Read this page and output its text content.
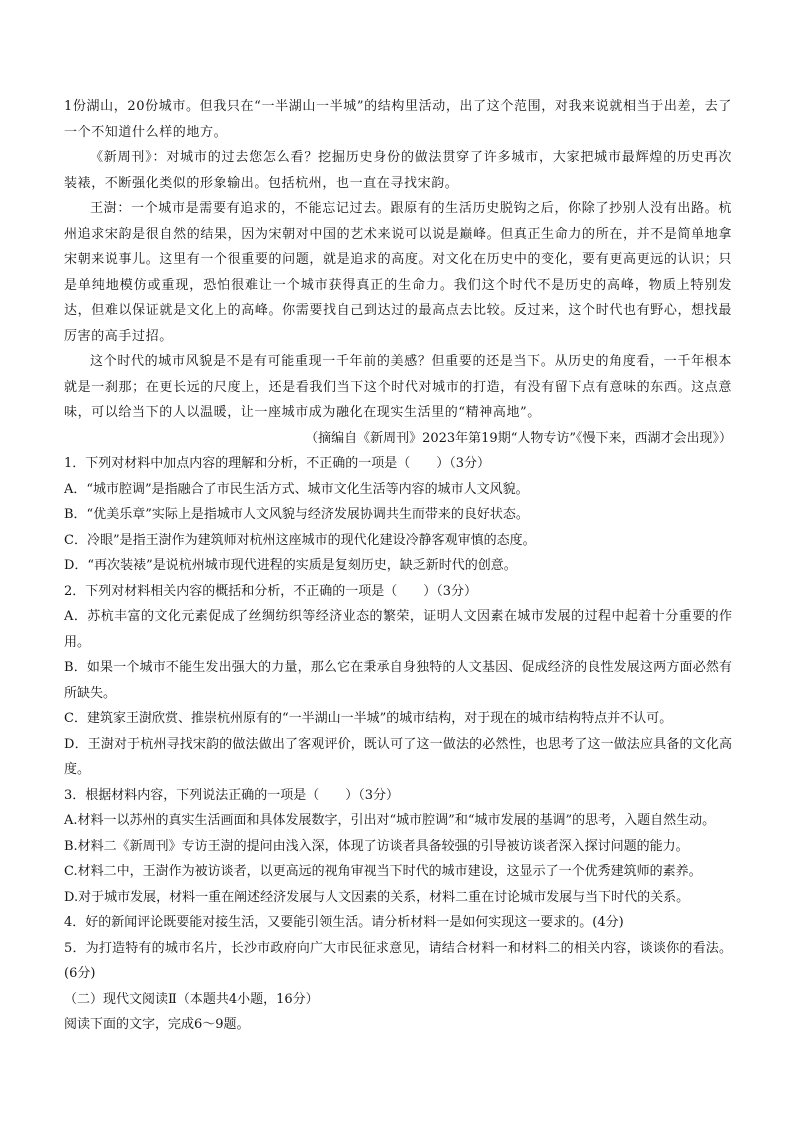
1份湖山，20份城市。但我只在“一半湖山一半城”的结构里活动，出了这个范围，对我来说就相当于出差，去了一个不知道什么样的地方。

《新周刊》：对城市的过去您怎么看？挖掘历史身份的做法贯穿了许多城市，大家把城市最辉煌的历史再次装裱，不断强化类似的形象输出。包括杭州，也一直在寻找宋韵。

王澍：一个城市是需要有追求的，不能忘记过去。跟原有的生活历史脱钩之后，你除了抄别人没有出路。杭州追求宋韵是很自然的结果，因为宋朝对中国的艺术来说可以说是巅峰。但真正生命力的所在，并不是简单地拿宋朝来说事儿。这里有一个很重要的问题，就是追求的高度。对文化在历史中的变化，要有更高更远的认识；只是单纯地模仿或重现，恐怕很难让一个城市获得真正的生命力。我们这个时代不是历史的高峰，物质上特别发达，但难以保证就是文化上的高峰。你需要找自己到达过的最高点去比较。反过来，这个时代也有野心，想找最厉害的高手过招。

这个时代的城市风貌是不是有可能重现一千年前的美感？但重要的还是当下。从历史的角度看，一千年根本就是一刹那；在更长远的尺度上，还是看我们当下这个时代对城市的打造，有没有留下点有意味的东西。这点意味，可以给当下的人以温暖，让一座城市成为融化在现实生活里的“精神高地”。

（摘编自《新周刊》2023年第19期“人物专访”《慢下来，西湖才会出现》）

1．下列对材料中加点内容的理解和分析，不正确的一项是（　　）（3分）

A．“城市腔调”是指融合了市民生活方式、城市文化生活等内容的城市人文风貌。

B．“优美乐章”实际上是指城市人文风貌与经济发展协调共生而带来的良好状态。

C．冷眼”是指王澍作为建筑师对杭州这座城市的现代化建设冷静客观审慎的态度。

D．“再次装裱”是说杭州城市现代进程的实质是复刻历史，缺乏新时代的创意。

2．下列对材料相关内容的概括和分析，不正确的一项是（　　）（3分）

A．苏杭丰富的文化元素促成了丝绸纺织等经济业态的繁荣，证明人文因素在城市发展的过程中起着十分重要的作用。

B．如果一个城市不能生发出强大的力量，那么它在秉承自身独特的人文基因、促成经济的良性发展这两方面必然有所缺失。

C．建筑家王澍欣赏、推崇杭州原有的“一半湖山一半城”的城市结构，对于现在的城市结构特点并不认可。

D．王澍对于杭州寻找宋韵的做法做出了客观评价，既认可了这一做法的必然性，也思考了这一做法应具备的文化高度。

3．根据材料内容，下列说法正确的一项是（　　）（3分）

A.材料一以苏州的真实生活画面和具体发展数字，引出对“城市腔调”和“城市发展的基调”的思考，入题自然生动。

B.材料二《新周刊》专访王澍的提问由浅入深，体现了访谈者具备较强的引导被访谈者深入探讨问题的能力。

C.材料二中，王澍作为被访谈者，以更高远的视角审视当下时代的城市建设，这显示了一个优秀建筑师的素养。

D.对于城市发展，材料一重在阐述经济发展与人文因素的关系，材料二重在讨论城市发展与当下时代的关系。

4．好的新闻评论既要能对接生活，又要能引领生活。请分析材料一是如何实现这一要求的。(4分)

5．为打造特有的城市名片，长沙市政府向广大市民征求意见，请结合材料一和材料二的相关内容，谈谈你的看法。(6分)

（二）现代文阅读Ⅱ（本题共4小题，16分）

阅读下面的文字，完成6～9题。
